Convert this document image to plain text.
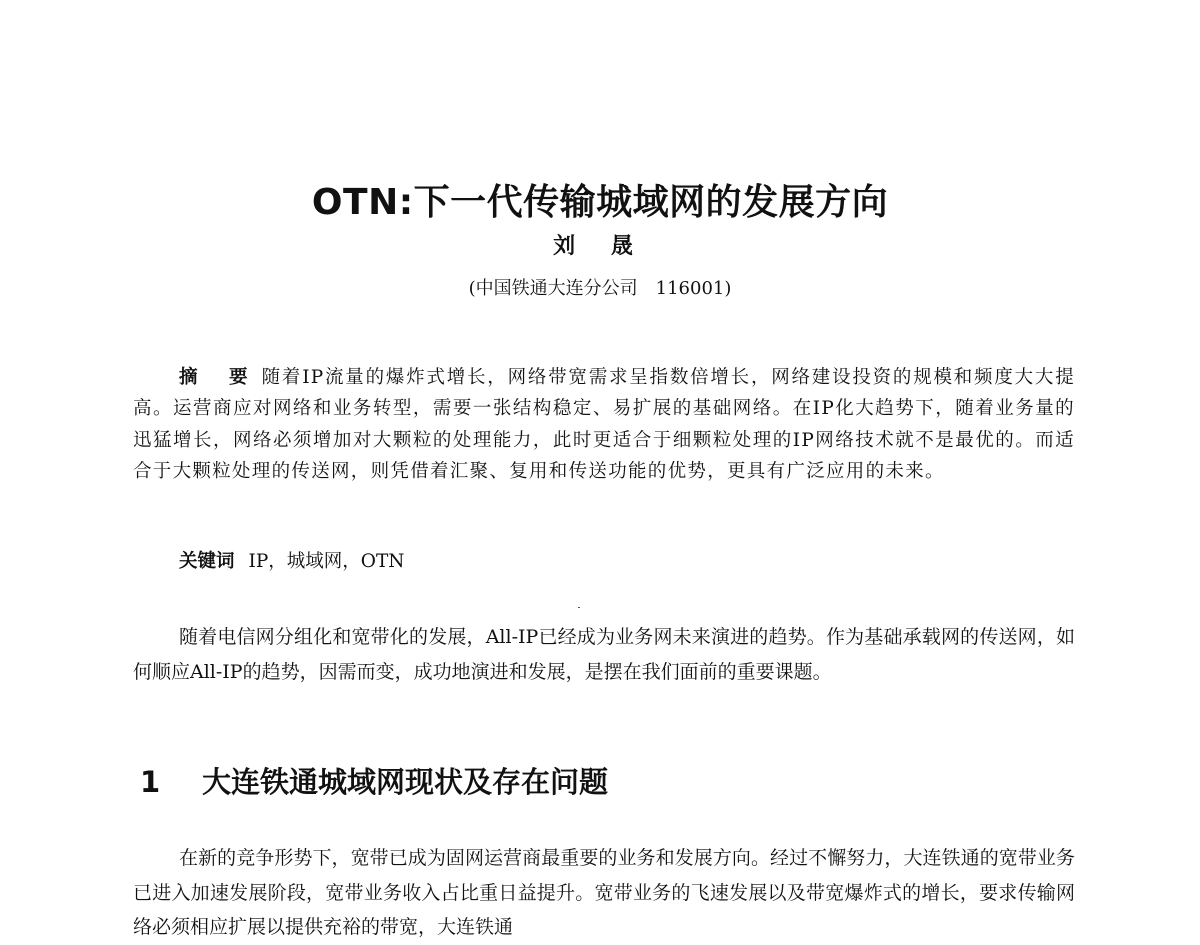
OTN:下一代传输城域网的发展方向
刘 晟
(中国铁通大连分公司　116001)

摘　要 随着IP流量的爆炸式增长，网络带宽需求呈指数倍增长，网络建设投资的规模和频度大大提高。运营商应对网络和业务转型，需要一张结构稳定、易扩展的基础网络。在IP化大趋势下，随着业务量的迅猛增长，网络必须增加对大颗粒的处理能力，此时更适合于细颗粒处理的IP网络技术就不是最优的。而适合于大颗粒处理的传送网，则凭借着汇聚、复用和传送功能的优势，更具有广泛应用的未来。

关键词 IP，城域网，OTN

随着电信网分组化和宽带化的发展，All-IP已经成为业务网未来演进的趋势。作为基础承载网的传送网，如何顺应All-IP的趋势，因需而变，成功地演进和发展，是摆在我们面前的重要课题。

1 大连铁通城域网现状及存在问题

在新的竞争形势下，宽带已成为固网运营商最重要的业务和发展方向。经过不懈努力，大连铁通的宽带业务已进入加速发展阶段，宽带业务收入占比重日益提升。宽带业务的飞速发展以及带宽爆炸式的增长，要求传输网络必须相应扩展以提供充裕的带宽，大连铁通
